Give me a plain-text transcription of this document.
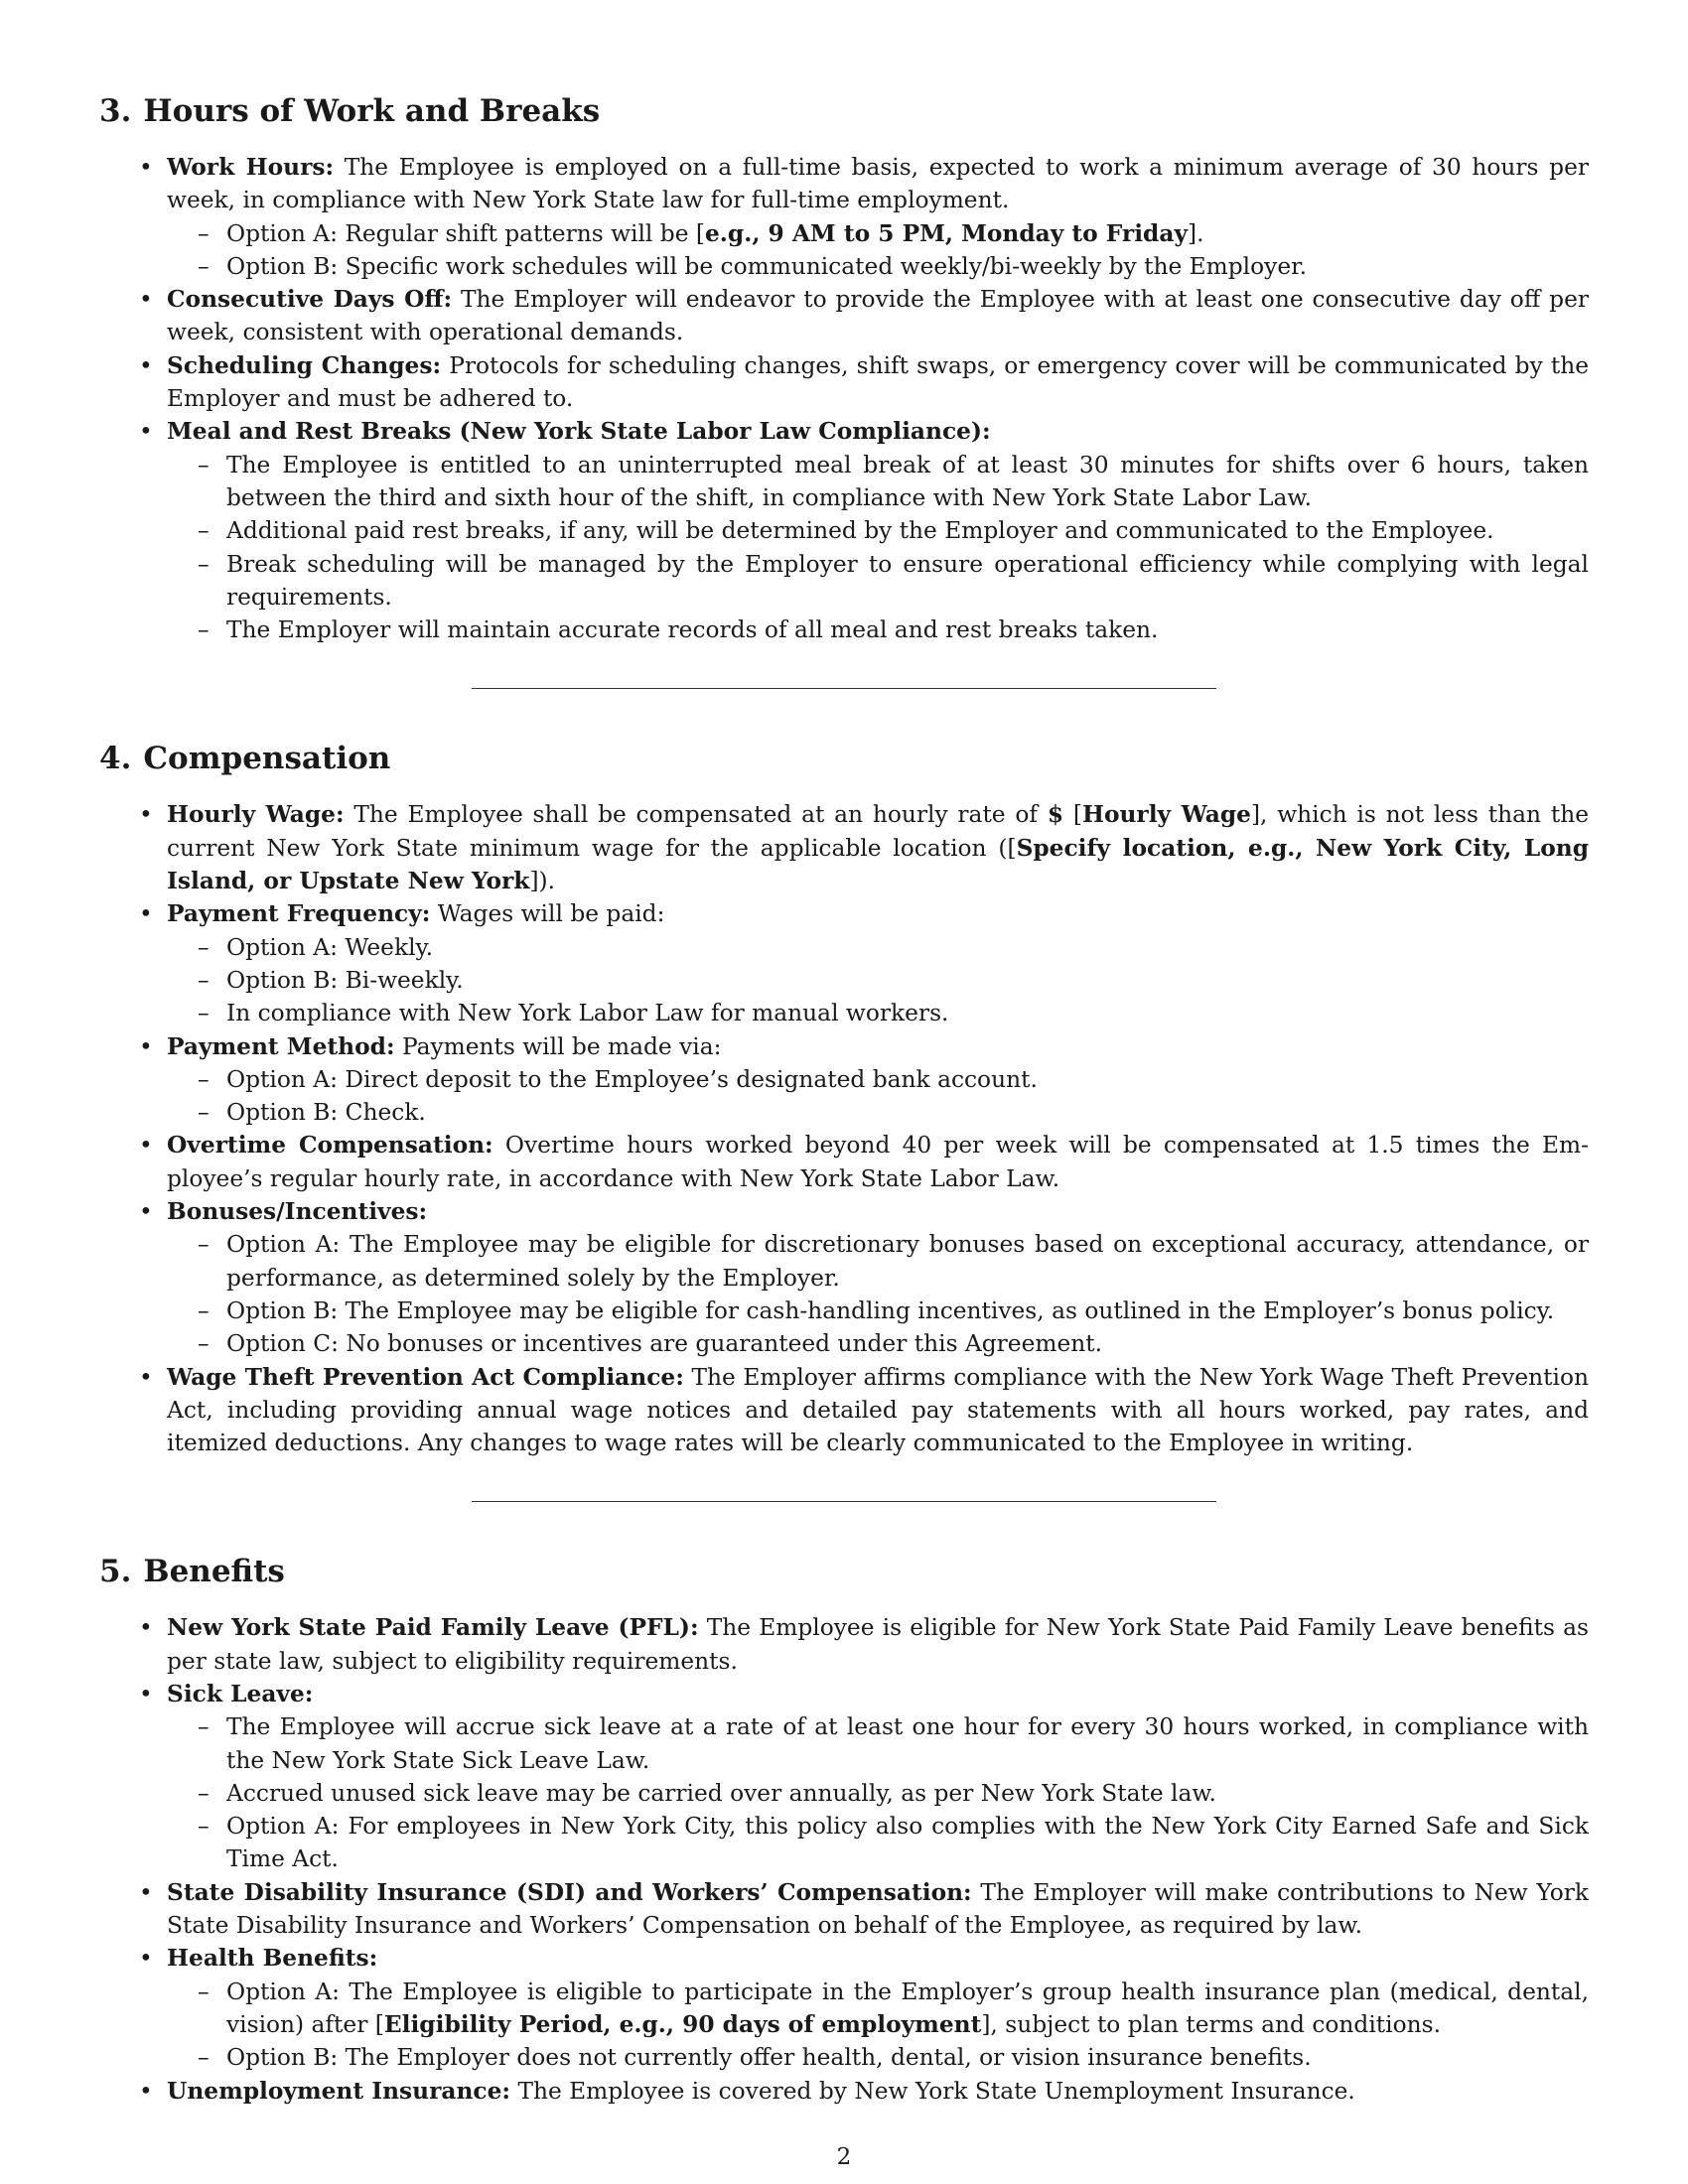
3. Hours of Work and Breaks
• Work Hours: The Employee is employed on a full-time basis, expected to work a minimum average of 30 hours per week, in compliance with New York State law for full-time employment.
– Option A: Regular shift patterns will be [e.g., 9 AM to 5 PM, Monday to Friday].
– Option B: Specific work schedules will be communicated weekly/bi-weekly by the Employer.
• Consecutive Days Off: The Employer will endeavor to provide the Employee with at least one consecutive day off per week, consistent with operational demands.
• Scheduling Changes: Protocols for scheduling changes, shift swaps, or emergency cover will be communicated by the Employer and must be adhered to.
• Meal and Rest Breaks (New York State Labor Law Compliance):
– The Employee is entitled to an uninterrupted meal break of at least 30 minutes for shifts over 6 hours, taken between the third and sixth hour of the shift, in compliance with New York State Labor Law.
– Additional paid rest breaks, if any, will be determined by the Employer and communicated to the Employee.
– Break scheduling will be managed by the Employer to ensure operational efficiency while complying with legal requirements.
– The Employer will maintain accurate records of all meal and rest breaks taken.
4. Compensation
• Hourly Wage: The Employee shall be compensated at an hourly rate of $ [Hourly Wage], which is not less than the current New York State minimum wage for the applicable location ([Specify location, e.g., New York City, Long Island, or Upstate New York]).
• Payment Frequency: Wages will be paid:
– Option A: Weekly.
– Option B: Bi-weekly.
– In compliance with New York Labor Law for manual workers.
• Payment Method: Payments will be made via:
– Option A: Direct deposit to the Employee’s designated bank account.
– Option B: Check.
• Overtime Compensation: Overtime hours worked beyond 40 per week will be compensated at 1.5 times the Em-ployee’s regular hourly rate, in accordance with New York State Labor Law.
• Bonuses/Incentives:
– Option A: The Employee may be eligible for discretionary bonuses based on exceptional accuracy, attendance, or performance, as determined solely by the Employer.
– Option B: The Employee may be eligible for cash-handling incentives, as outlined in the Employer’s bonus policy.
– Option C: No bonuses or incentives are guaranteed under this Agreement.
• Wage Theft Prevention Act Compliance: The Employer affirms compliance with the New York Wage Theft Prevention Act, including providing annual wage notices and detailed pay statements with all hours worked, pay rates, and itemized deductions. Any changes to wage rates will be clearly communicated to the Employee in writing.
5. Benefits
• New York State Paid Family Leave (PFL): The Employee is eligible for New York State Paid Family Leave benefits as per state law, subject to eligibility requirements.
• Sick Leave:
– The Employee will accrue sick leave at a rate of at least one hour for every 30 hours worked, in compliance with the New York State Sick Leave Law.
– Accrued unused sick leave may be carried over annually, as per New York State law.
– Option A: For employees in New York City, this policy also complies with the New York City Earned Safe and Sick Time Act.
• State Disability Insurance (SDI) and Workers’ Compensation: The Employer will make contributions to New York State Disability Insurance and Workers’ Compensation on behalf of the Employee, as required by law.
• Health Benefits:
– Option A: The Employee is eligible to participate in the Employer’s group health insurance plan (medical, dental, vision) after [Eligibility Period, e.g., 90 days of employment], subject to plan terms and conditions.
– Option B: The Employer does not currently offer health, dental, or vision insurance benefits.
• Unemployment Insurance: The Employee is covered by New York State Unemployment Insurance.
2
